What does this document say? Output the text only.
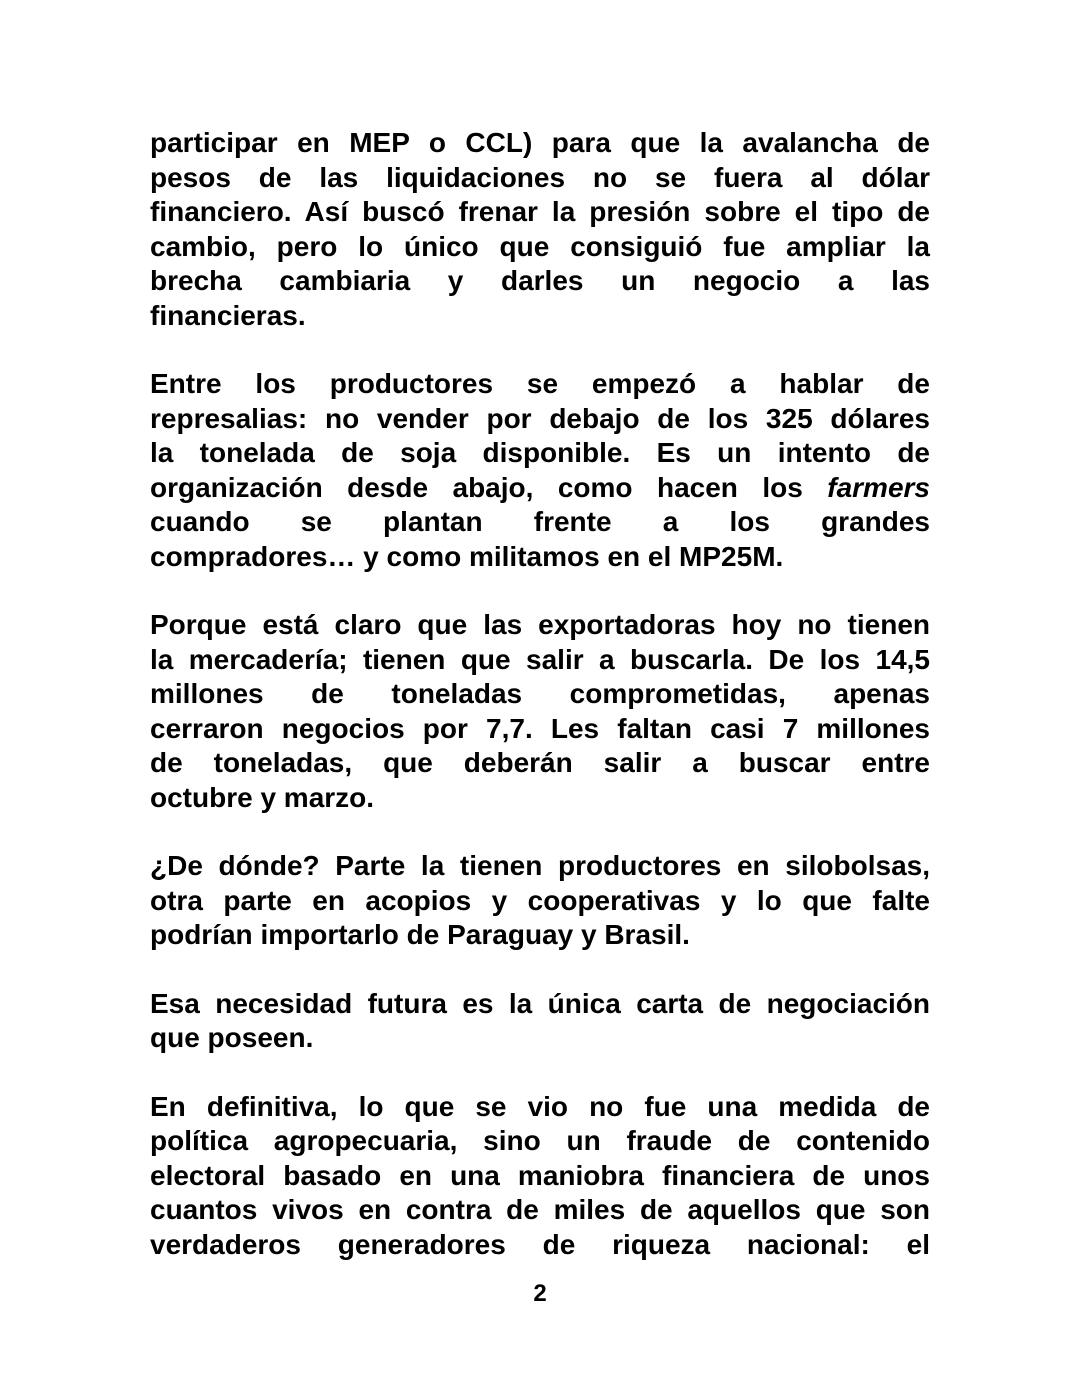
participar en MEP o CCL) para que la avalancha de
pesos de las liquidaciones no se fuera al dólar
financiero. Así buscó frenar la presión sobre el tipo de
cambio, pero lo único que consiguió fue ampliar la
brecha cambiaria y darles un negocio a las
financieras.
Entre los productores se empezó a hablar de
represalias: no vender por debajo de los 325 dólares
la tonelada de soja disponible. Es un intento de
organización desde abajo, como hacen los farmers
cuando se plantan frente a los grandes
compradores… y como militamos en el MP25M.
Porque está claro que las exportadoras hoy no tienen
la mercadería; tienen que salir a buscarla. De los 14,5
millones de toneladas comprometidas, apenas
cerraron negocios por 7,7. Les faltan casi 7 millones
de toneladas, que deberán salir a buscar entre
octubre y marzo.
¿De dónde? Parte la tienen productores en silobolsas,
otra parte en acopios y cooperativas y lo que falte
podrían importarlo de Paraguay y Brasil.
Esa necesidad futura es la única carta de negociación
que poseen.
En definitiva, lo que se vio no fue una medida de
política agropecuaria, sino un fraude de contenido
electoral basado en una maniobra financiera de unos
cuantos vivos en contra de miles de aquellos que son
verdaderos generadores de riqueza nacional: el
2
